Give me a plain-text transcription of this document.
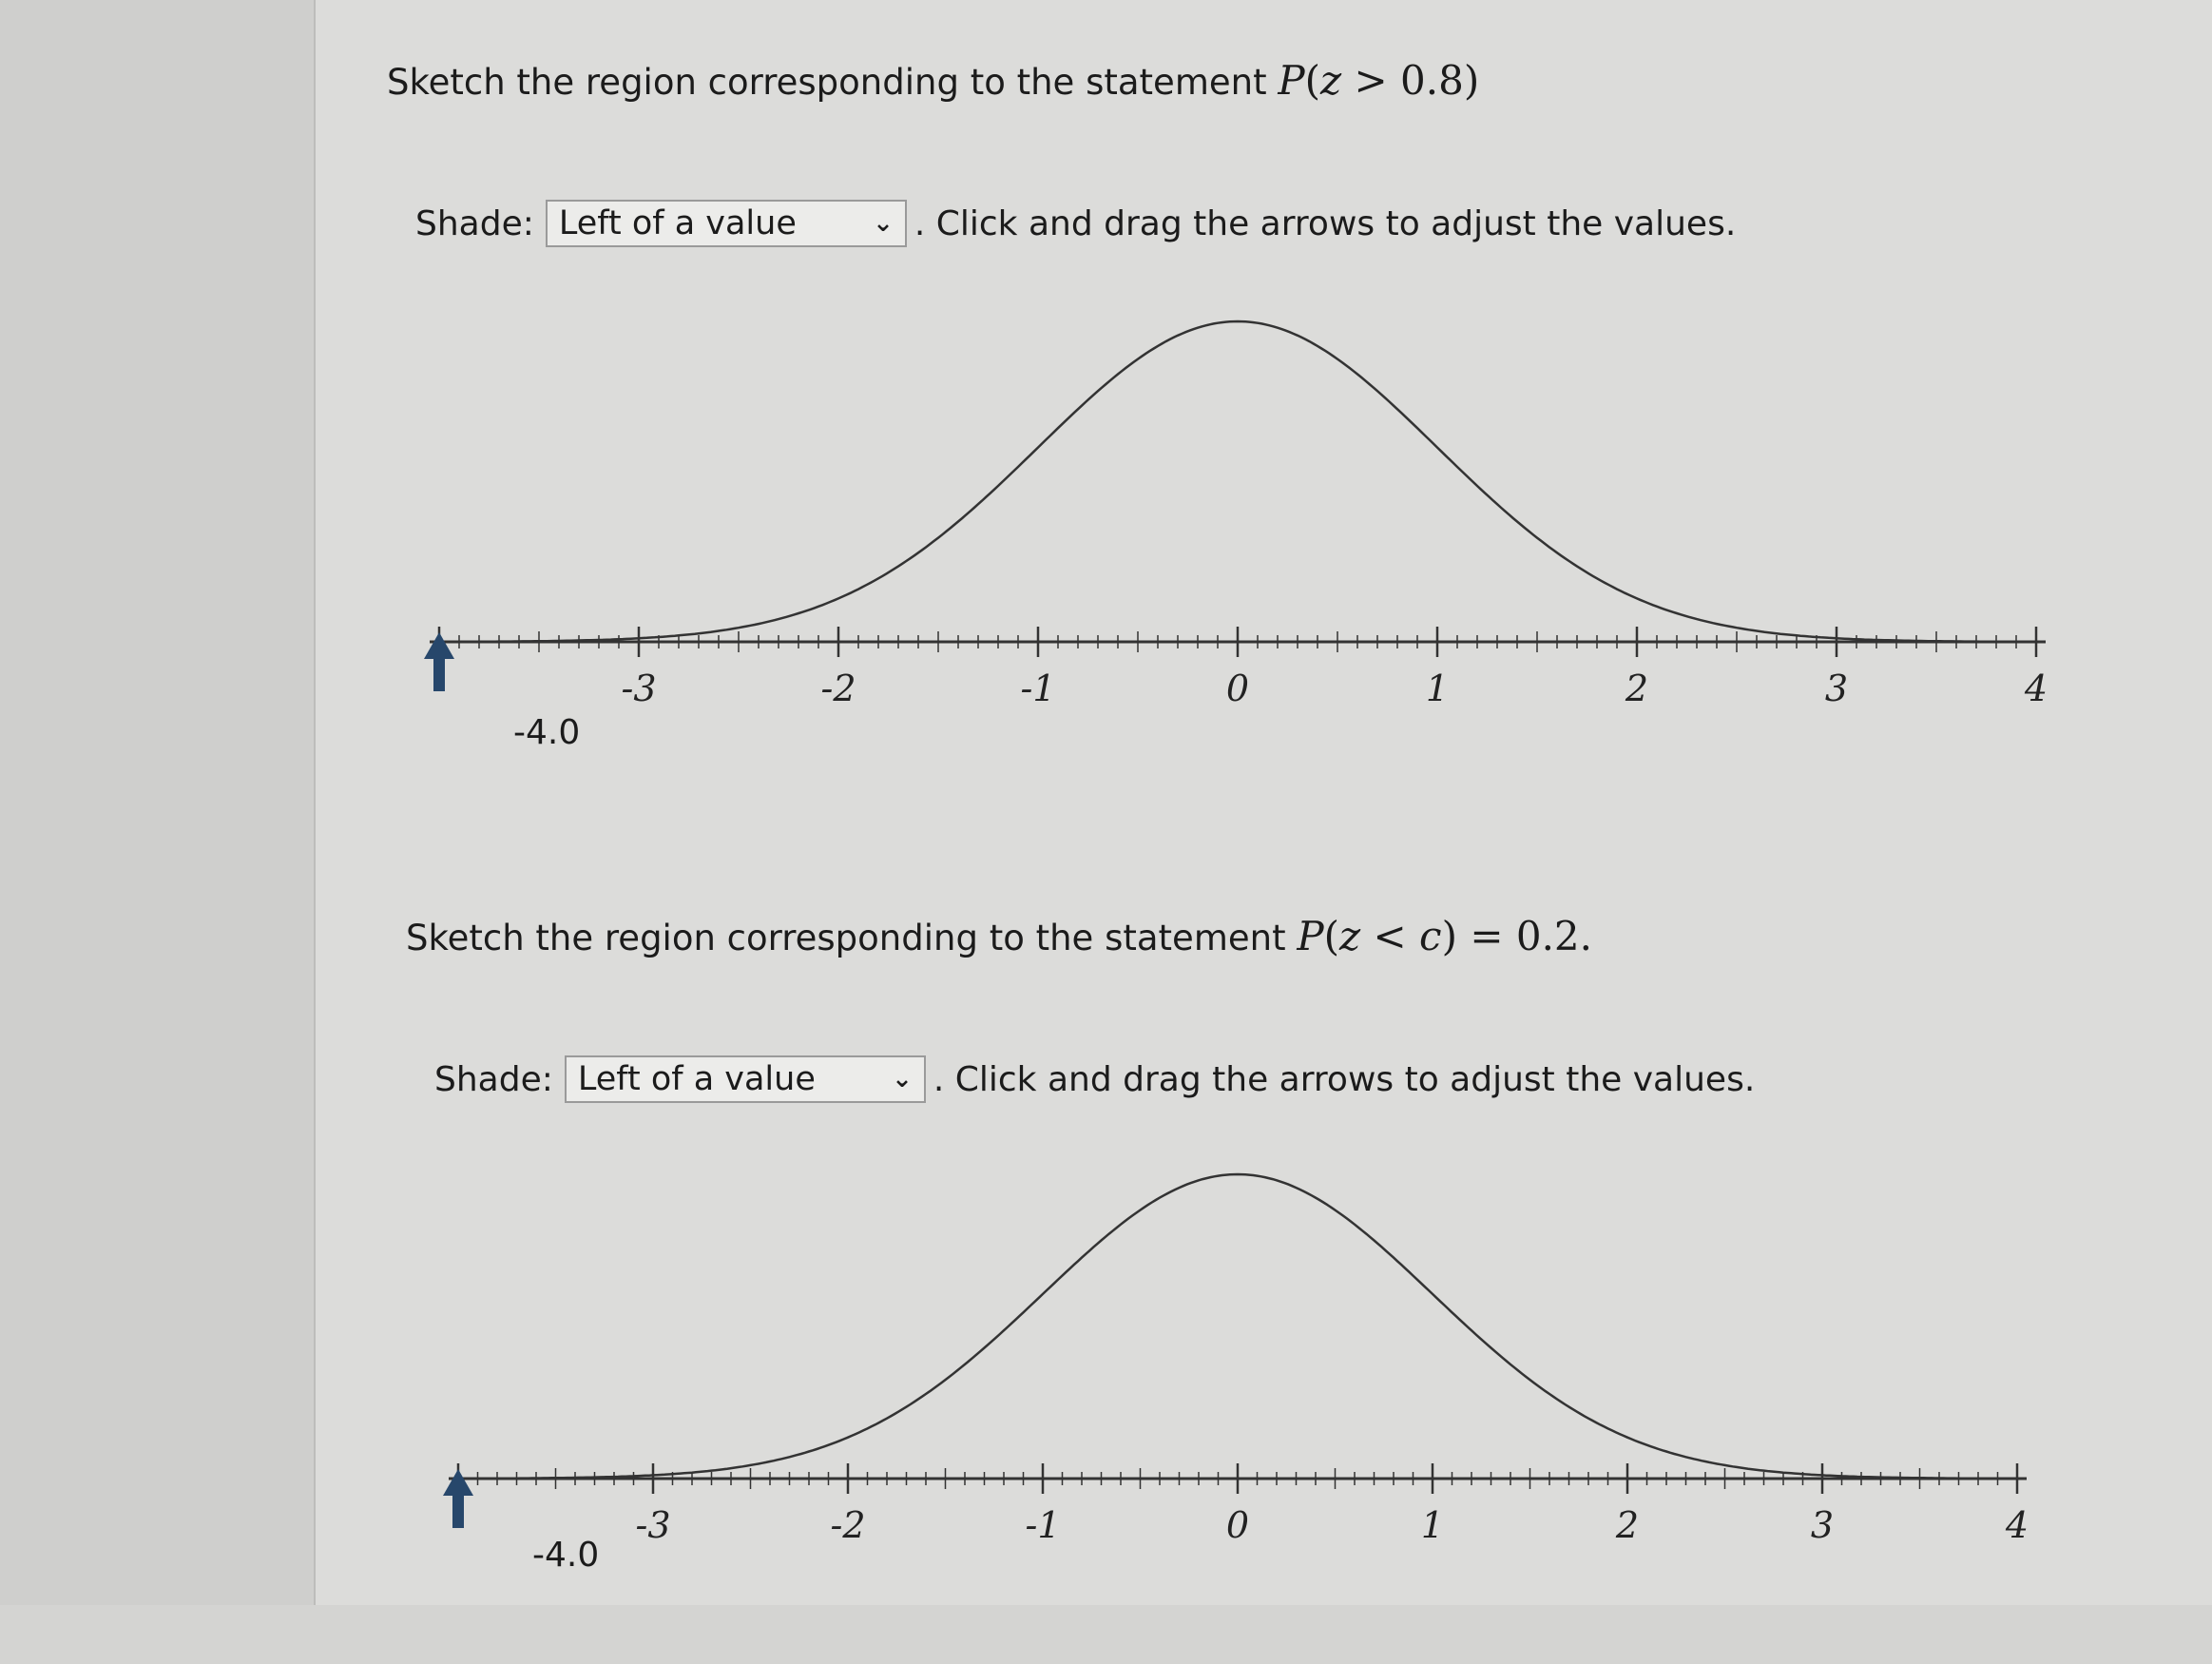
Sketch the region corresponding to the statement P(z > 0.8)
Shade: Left of a value	⌄ . Click and drag the arrows to adjust the values.
-3	-2	-1	0	1	2	3	4
-4.0
Sketch the region corresponding to the statement P(z < c) = 0.2.
Shade: Left of a value	⌄ . Click and drag the arrows to adjust the values.
-3	-2	-1	0	1	2	3	4
-4.0
